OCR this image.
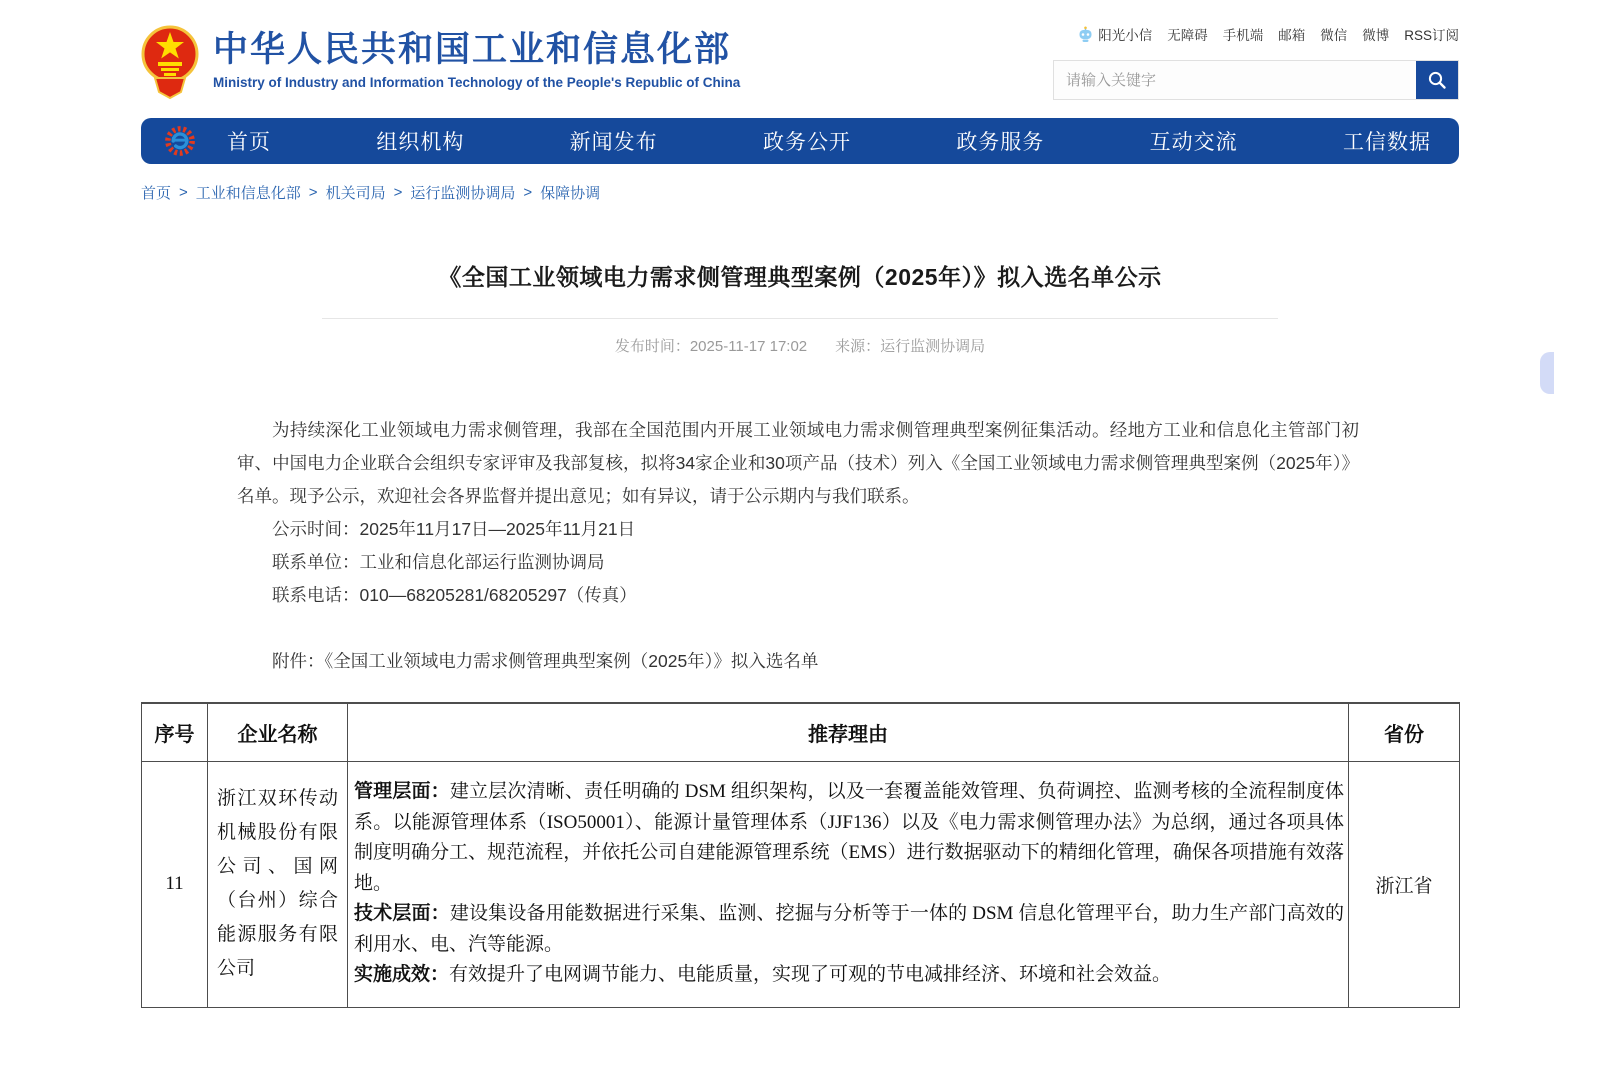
中华人民共和国工业和信息化部
Ministry of Industry and Information Technology of the People's Republic of China
阳光小信 无障碍 手机端 邮箱 微信 微博 RSS订阅
请输入关键字
首页	组织机构	新闻发布	政务公开	政务服务	互动交流	工信数据
首页 > 工业和信息化部 > 机关司局 > 运行监测协调局 > 保障协调
《全国工业领域电力需求侧管理典型案例（2025年）》拟入选名单公示
发布时间：2025-11-17 17:02 来源：运行监测协调局

为持续深化工业领域电力需求侧管理，我部在全国范围内开展工业领域电力需求侧管理典型案例征集活动。经地方工业和信息化主管部门初审、中国电力企业联合会组织专家评审及我部复核，拟将34家企业和30项产品（技术）列入《全国工业领域电力需求侧管理典型案例（2025年）》名单。现予公示，欢迎社会各界监督并提出意见；如有异议，请于公示期内与我们联系。

公示时间：2025年11月17日—2025年11月21日
联系单位：工业和信息化部运行监测协调局
联系电话：010—68205281/68205297（传真）
附件：《全国工业领域电力需求侧管理典型案例（2025年）》拟入选名单
序号	企业名称	推荐理由	省份
11	浙江双环传动机械股份有限公司、国网（台州）综合能源服务有限公司	管理层面：建立层次清晰、责任明确的 DSM 组织架构，以及一套覆盖能效管理、负荷调控、监测考核的全流程制度体系。以能源管理体系（ISO50001）、能源计量管理体系（JJF136）以及《电力需求侧管理办法》为总纲，通过各项具体制度明确分工、规范流程，并依托公司自建能源管理系统（EMS）进行数据驱动下的精细化管理，确保各项措施有效落地。
技术层面：建设集设备用能数据进行采集、监测、挖掘与分析等于一体的 DSM 信息化管理平台，助力生产部门高效的利用水、电、汽等能源。
实施成效：有效提升了电网调节能力、电能质量，实现了可观的节电减排经济、环境和社会效益。	浙江省
